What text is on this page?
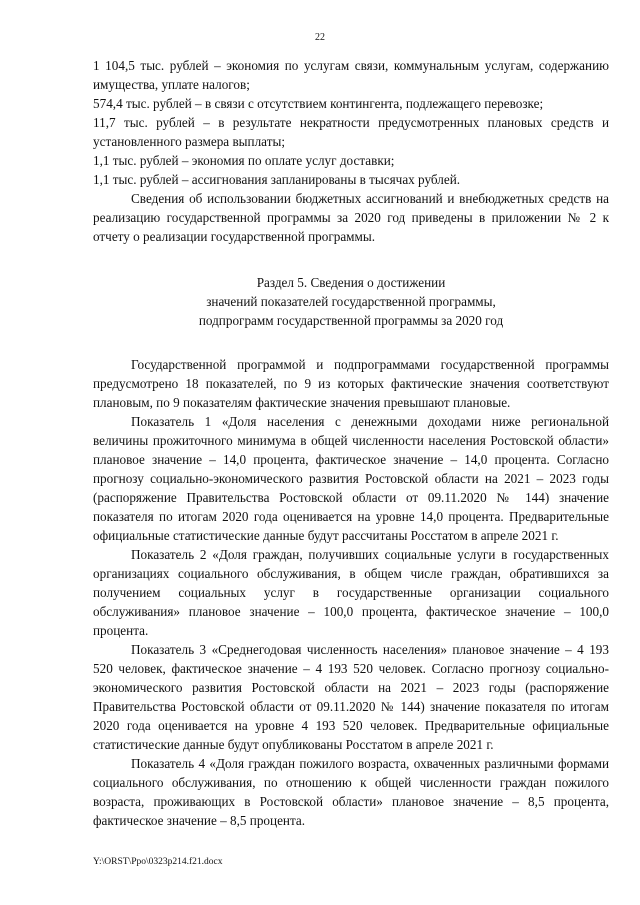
22

1 104,5 тыс. рублей – экономия по услугам связи, коммунальным услугам, содержанию имущества, уплате налогов;

574,4 тыс. рублей – в связи с отсутствием контингента, подлежащего перевозке;

11,7 тыс. рублей – в результате некратности предусмотренных плановых средств и установленного размера выплаты;

1,1 тыс. рублей – экономия по оплате услуг доставки;

1,1 тыс. рублей – ассигнования запланированы в тысячах рублей.

Сведения об использовании бюджетных ассигнований и внебюджетных средств на реализацию государственной программы за 2020 год приведены в приложении № 2 к отчету о реализации государственной программы.

Раздел 5. Сведения о достижении
значений показателей государственной программы,
подпрограмм государственной программы за 2020 год

Государственной программой и подпрограммами государственной программы предусмотрено 18 показателей, по 9 из которых фактические значения соответствуют плановым, по 9 показателям фактические значения превышают плановые.

Показатель 1 «Доля населения с денежными доходами ниже региональной величины прожиточного минимума в общей численности населения Ростовской области» плановое значение – 14,0 процента, фактическое значение – 14,0 процента. Согласно прогнозу социально-экономического развития Ростовской области на 2021 – 2023 годы (распоряжение Правительства Ростовской области от 09.11.2020 № 144) значение показателя по итогам 2020 года оценивается на уровне 14,0 процента. Предварительные официальные статистические данные будут рассчитаны Росстатом в апреле 2021 г.

Показатель 2 «Доля граждан, получивших социальные услуги в государственных организациях социального обслуживания, в общем числе граждан, обратившихся за получением социальных услуг в государственные организации социального обслуживания» плановое значение – 100,0 процента, фактическое значение – 100,0 процента.

Показатель 3 «Среднегодовая численность населения» плановое значение – 4 193 520 человек, фактическое значение – 4 193 520 человек. Согласно прогнозу социально-экономического развития Ростовской области на 2021 – 2023 годы (распоряжение Правительства Ростовской области от 09.11.2020 № 144) значение показателя по итогам 2020 года оценивается на уровне 4 193 520 человек. Предварительные официальные статистические данные будут опубликованы Росстатом в апреле 2021 г.

Показатель 4 «Доля граждан пожилого возраста, охваченных различными формами социального обслуживания, по отношению к общей численности граждан пожилого возраста, проживающих в Ростовской области» плановое значение – 8,5 процента, фактическое значение – 8,5 процента.

Y:\ORST\Ppo\0323p214.f21.docx
